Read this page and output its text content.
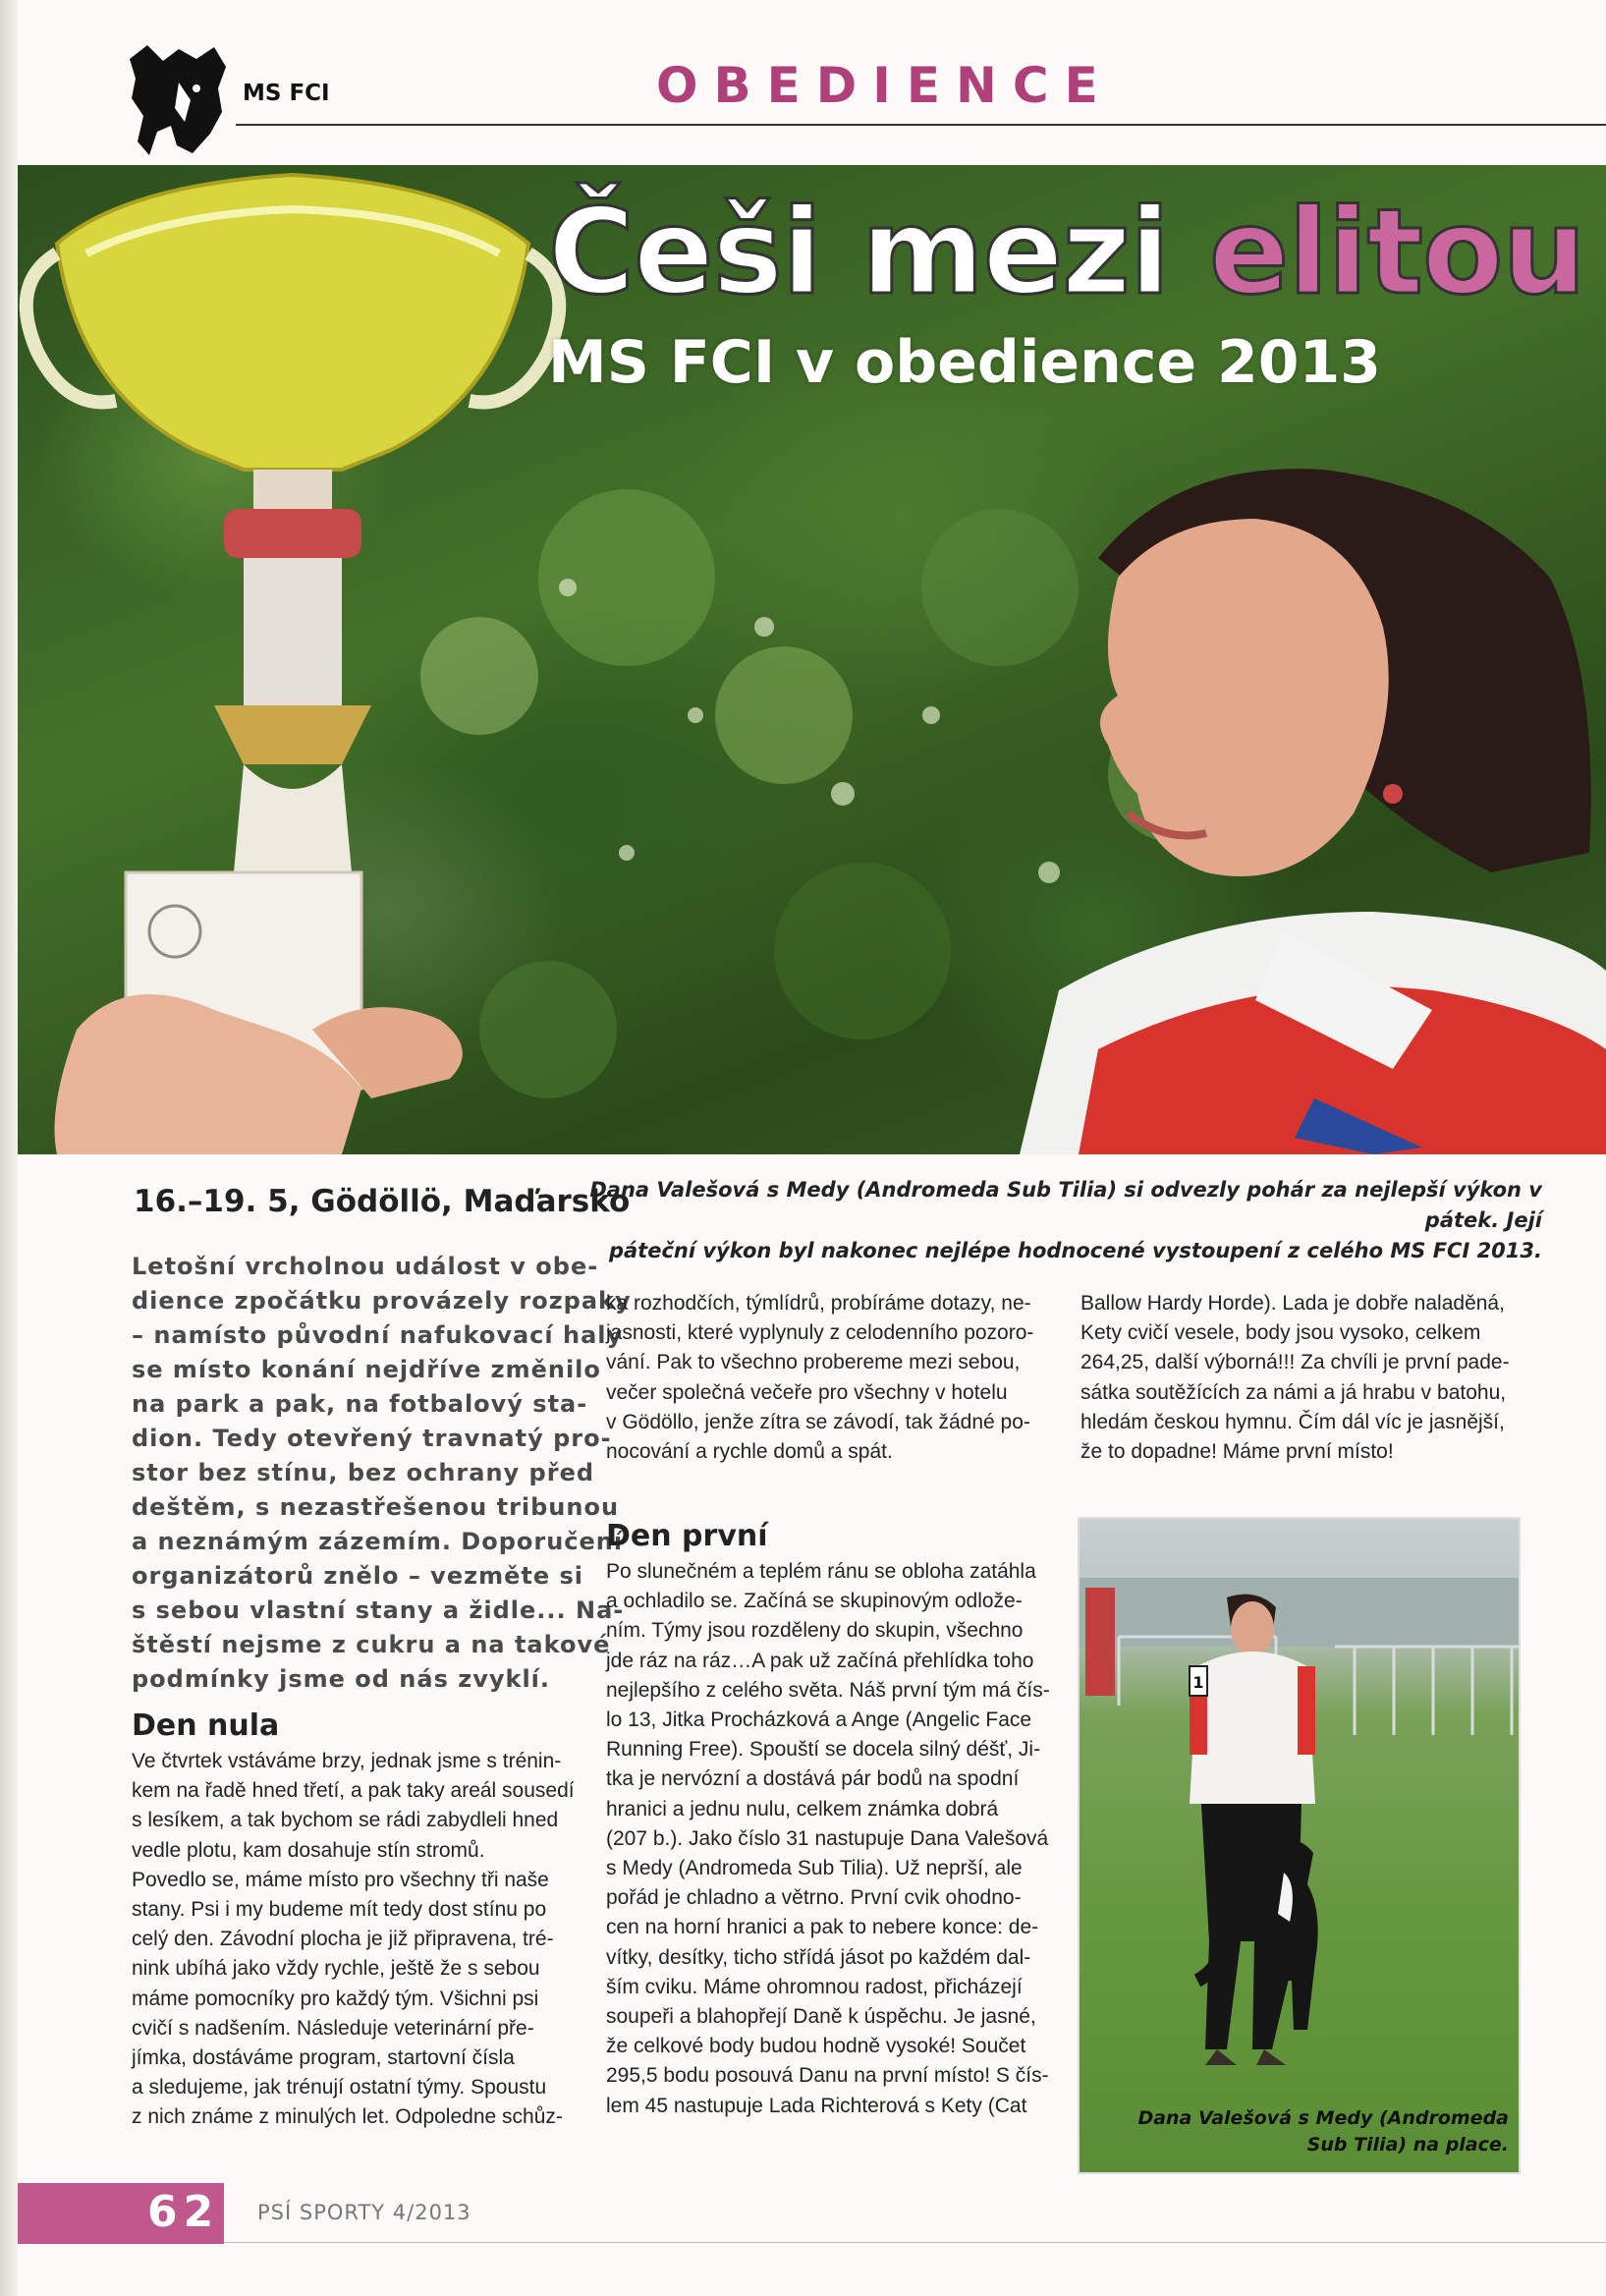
MS FCI	OBEDIENCE
Češi mezi elitou
MS FCI v obedience 2013
16.–19. 5, Gödöllö, Maďarsko
Dana Valešová s Medy (Andromeda Sub Tilia) si odvezly pohár za nejlepší výkon v pátek. Její
páteční výkon byl nakonec nejlépe hodnocené vystoupení z celého MS FCI 2013.
Letošní vrcholnou událost v obe-
dience zpočátku provázely rozpaky
– namísto původní nafukovací haly
se místo konání nejdříve změnilo
na park a pak, na fotbalový sta-
dion. Tedy otevřený travnatý pro-
stor bez stínu, bez ochrany před
deštěm, s nezastřešenou tribunou
a neznámým zázemím. Doporučení
organizátorů znělo – vezměte si
s sebou vlastní stany a židle... Na-
štěstí nejsme z cukru a na takové
podmínky jsme od nás zvyklí.
Den nula
Ve čtvrtek vstáváme brzy, jednak jsme s trénin-
kem na řadě hned třetí, a pak taky areál sousedí
s lesíkem, a tak bychom se rádi zabydleli hned
vedle plotu, kam dosahuje stín stromů.
Povedlo se, máme místo pro všechny tři naše
stany. Psi i my budeme mít tedy dost stínu po
celý den. Závodní plocha je již připravena, tré-
nink ubíhá jako vždy rychle, ještě že s sebou
máme pomocníky pro každý tým. Všichni psi
cvičí s nadšením. Následuje veterinární pře-
jímka, dostáváme program, startovní čísla
a sledujeme, jak trénují ostatní týmy. Spoustu
z nich známe z minulých let. Odpoledne schůz-
ka rozhodčích, týmlídrů, probíráme dotazy, ne-
jasnosti, které vyplynuly z celodenního pozoro-
vání. Pak to všechno probereme mezi sebou,
večer společná večeře pro všechny v hotelu
v Gödöllo, jenže zítra se závodí, tak žádné po-
nocování a rychle domů a spát.
Den první
Po slunečném a teplém ránu se obloha zatáhla
a ochladilo se. Začíná se skupinovým odlože-
ním. Týmy jsou rozděleny do skupin, všechno
jde ráz na ráz…A pak už začíná přehlídka toho
nejlepšího z celého světa. Náš první tým má čís-
lo 13, Jitka Procházková a Ange (Angelic Face
Running Free). Spouští se docela silný déšť, Ji-
tka je nervózní a dostává pár bodů na spodní
hranici a jednu nulu, celkem známka dobrá
(207 b.). Jako číslo 31 nastupuje Dana Valešová
s Medy (Andromeda Sub Tilia). Už neprší, ale
pořád je chladno a větrno. První cvik ohodno-
cen na horní hranici a pak to nebere konce: de-
vítky, desítky, ticho střídá jásot po každém dal-
ším cviku. Máme ohromnou radost, přicházejí
soupeři a blahopřejí Daně k úspěchu. Je jasné,
že celkové body budou hodně vysoké! Součet
295,5 bodu posouvá Danu na první místo! S čís-
lem 45 nastupuje Lada Richterová s Kety (Cat
Ballow Hardy Horde). Lada je dobře naladěná,
Kety cvičí vesele, body jsou vysoko, celkem
264,25, další výborná!!! Za chvíli je první pade-
sátka soutěžících za námi a já hrabu v batohu,
hledám českou hymnu. Čím dál víc je jasnější,
že to dopadne! Máme první místo!
1
Dana Valešová s Medy (Andromeda
Sub Tilia) na place.
62 PSÍ SPORTY 4/2013
